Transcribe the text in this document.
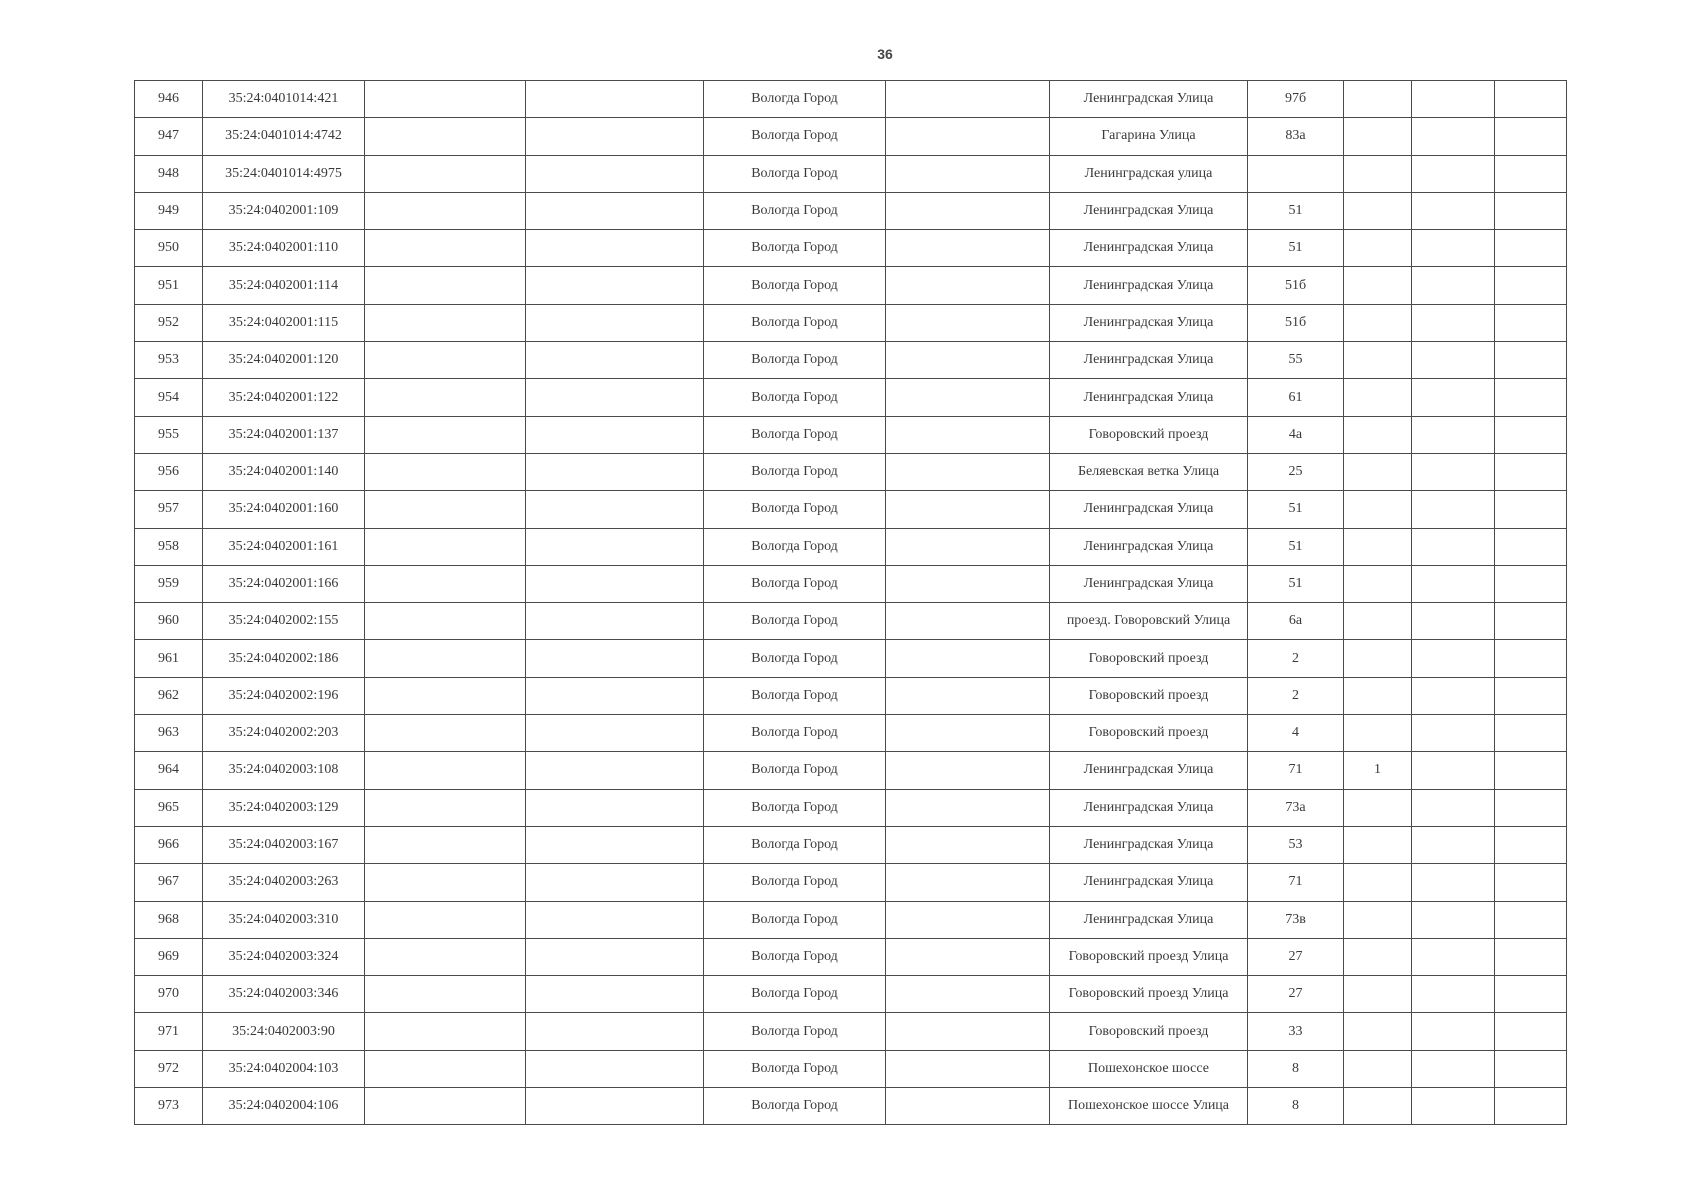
36
946	35:24:0401014:421			Вологда Город		Ленинградская Улица	97б			
947	35:24:0401014:4742			Вологда Город		Гагарина Улица	83а			
948	35:24:0401014:4975			Вологда Город		Ленинградская улица				
949	35:24:0402001:109			Вологда Город		Ленинградская Улица	51			
950	35:24:0402001:110			Вологда Город		Ленинградская Улица	51			
951	35:24:0402001:114			Вологда Город		Ленинградская Улица	51б			
952	35:24:0402001:115			Вологда Город		Ленинградская Улица	51б			
953	35:24:0402001:120			Вологда Город		Ленинградская Улица	55			
954	35:24:0402001:122			Вологда Город		Ленинградская Улица	61			
955	35:24:0402001:137			Вологда Город		Говоровский проезд	4а			
956	35:24:0402001:140			Вологда Город		Беляевская ветка Улица	25			
957	35:24:0402001:160			Вологда Город		Ленинградская Улица	51			
958	35:24:0402001:161			Вологда Город		Ленинградская Улица	51			
959	35:24:0402001:166			Вологда Город		Ленинградская Улица	51			
960	35:24:0402002:155			Вологда Город		проезд. Говоровский Улица	6а			
961	35:24:0402002:186			Вологда Город		Говоровский проезд	2			
962	35:24:0402002:196			Вологда Город		Говоровский проезд	2			
963	35:24:0402002:203			Вологда Город		Говоровский проезд	4			
964	35:24:0402003:108			Вологда Город		Ленинградская Улица	71	1		
965	35:24:0402003:129			Вологда Город		Ленинградская Улица	73а			
966	35:24:0402003:167			Вологда Город		Ленинградская Улица	53			
967	35:24:0402003:263			Вологда Город		Ленинградская Улица	71			
968	35:24:0402003:310			Вологда Город		Ленинградская Улица	73в			
969	35:24:0402003:324			Вологда Город		Говоровский проезд Улица	27			
970	35:24:0402003:346			Вологда Город		Говоровский проезд Улица	27			
971	35:24:0402003:90			Вологда Город		Говоровский проезд	33			
972	35:24:0402004:103			Вологда Город		Пошехонское шоссе	8			
973	35:24:0402004:106			Вологда Город		Пошехонское шоссе Улица	8			
